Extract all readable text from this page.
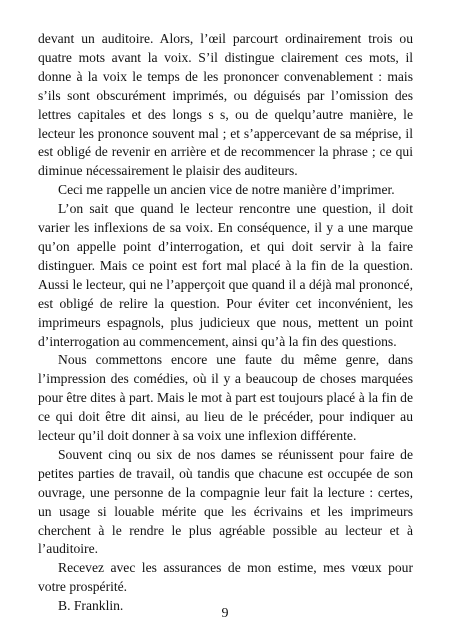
devant un auditoire. Alors, l’œil parcourt ordinairement trois ou quatre mots avant la voix. S’il distingue clairement ces mots, il donne à la voix le temps de les prononcer convenablement : mais s’ils sont obscurément imprimés, ou déguisés par l’omission des lettres capitales et des longs s s, ou de quelqu’autre manière, le lecteur les prononce souvent mal ; et s’appercevant de sa méprise, il est obligé de revenir en arrière et de recommencer la phrase ; ce qui diminue nécessairement le plaisir des auditeurs.

Ceci me rappelle un ancien vice de notre manière d’imprimer.

L’on sait que quand le lecteur rencontre une question, il doit varier les inflexions de sa voix. En conséquence, il y a une marque qu’on appelle point d’interrogation, et qui doit servir à la faire distinguer. Mais ce point est fort mal placé à la fin de la question. Aussi le lecteur, qui ne l’apperçoit que quand il a déjà mal prononcé, est obligé de relire la question. Pour éviter cet inconvénient, les imprimeurs espagnols, plus judicieux que nous, mettent un point d’interrogation au commencement, ainsi qu’à la fin des questions.

Nous commettons encore une faute du même genre, dans l’impression des comédies, où il y a beaucoup de choses marquées pour être dites à part. Mais le mot à part est toujours placé à la fin de ce qui doit être dit ainsi, au lieu de le précéder, pour indiquer au lecteur qu’il doit donner à sa voix une inflexion différente.

Souvent cinq ou six de nos dames se réunissent pour faire de petites parties de travail, où tandis que chacune est occupée de son ouvrage, une personne de la compagnie leur fait la lecture : certes, un usage si louable mérite que les écrivains et les imprimeurs cherchent à le rendre le plus agréable possible au lecteur et à l’auditoire.

Recevez avec les assurances de mon estime, mes vœux pour votre prospérité.

B. Franklin.

9
